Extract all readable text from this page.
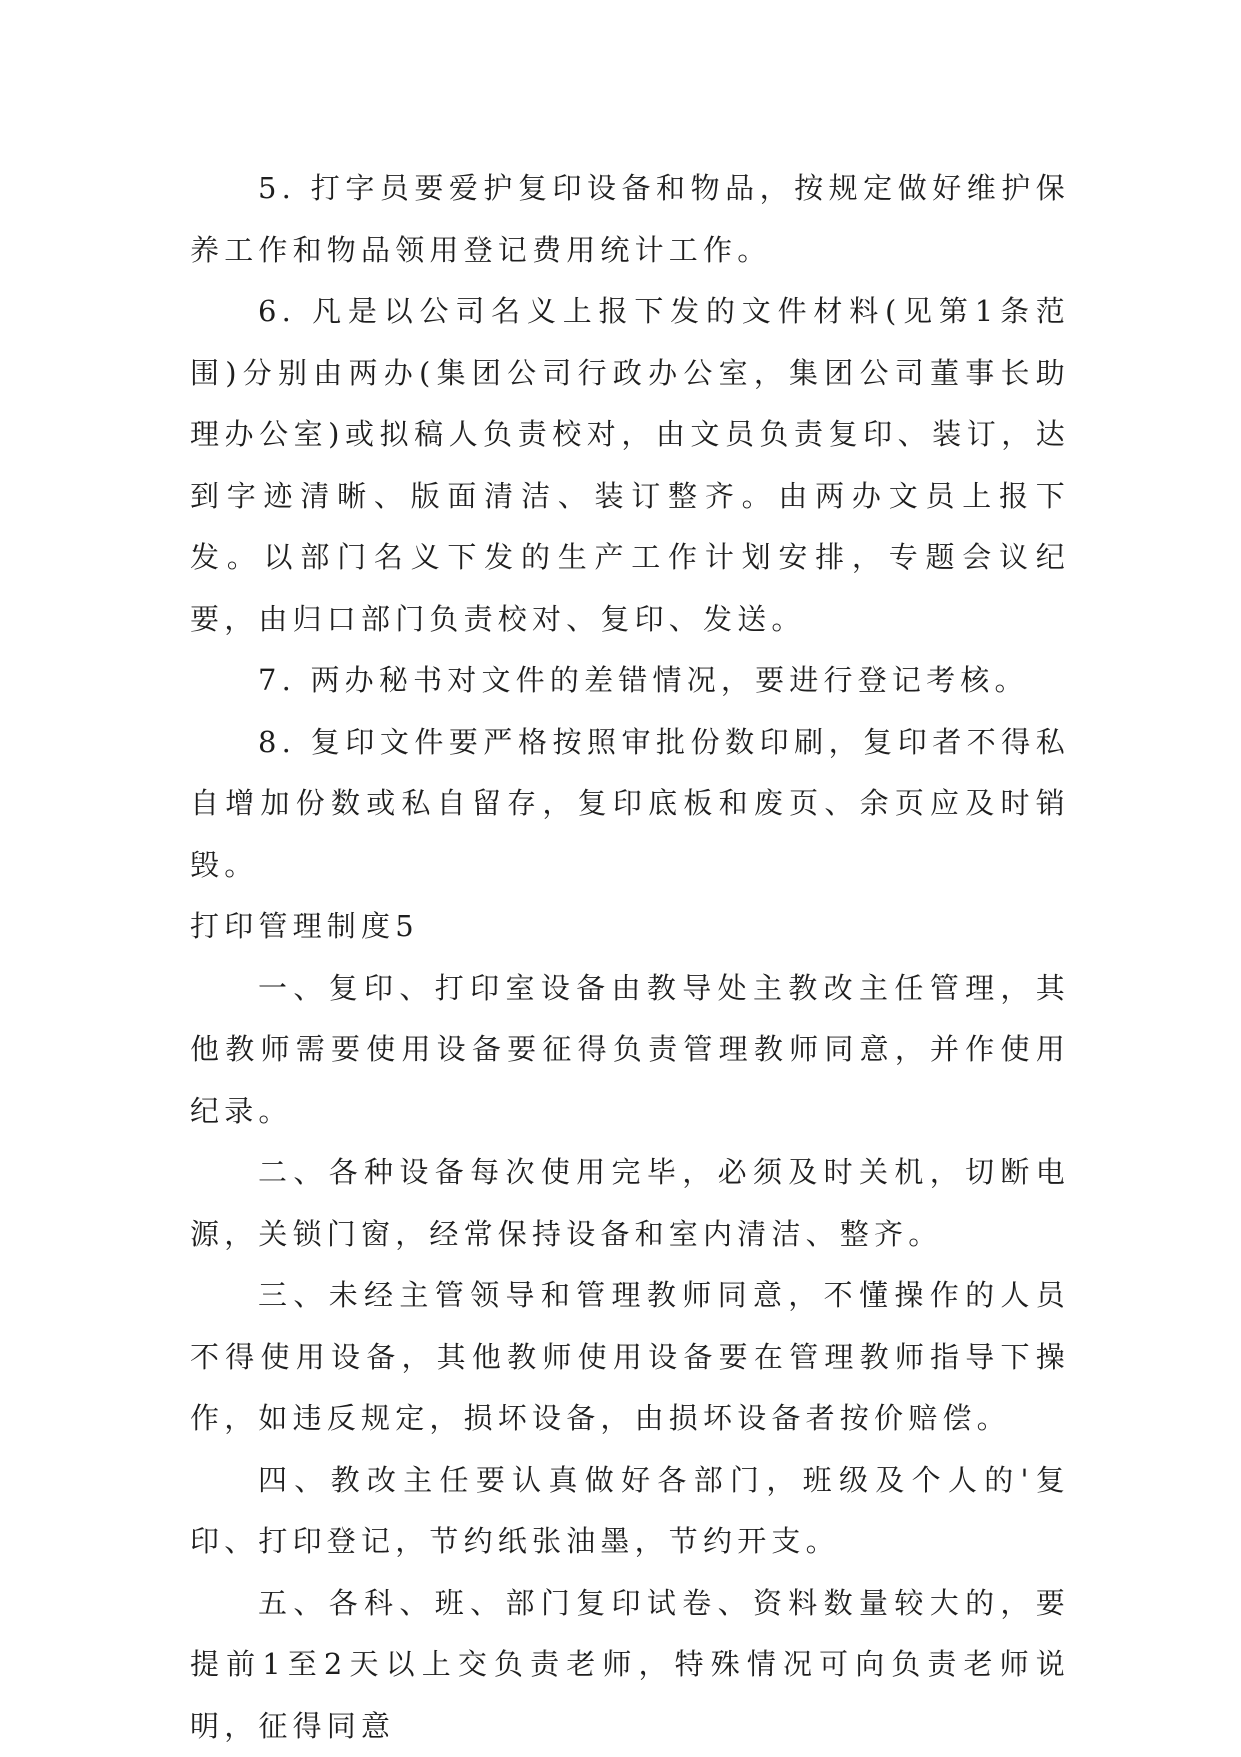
5. 打字员要爱护复印设备和物品，按规定做好维护保养工作和物品领用登记费用统计工作。

6. 凡是以公司名义上报下发的文件材料(见第1条范围)分别由两办(集团公司行政办公室，集团公司董事长助理办公室)或拟稿人负责校对，由文员负责复印、装订，达到字迹清晰、版面清洁、装订整齐。由两办文员上报下发。以部门名义下发的生产工作计划安排，专题会议纪要，由归口部门负责校对、复印、发送。

7. 两办秘书对文件的差错情况，要进行登记考核。

8. 复印文件要严格按照审批份数印刷，复印者不得私自增加份数或私自留存，复印底板和废页、余页应及时销毁。

打印管理制度5

一、复印、打印室设备由教导处主教改主任管理，其他教师需要使用设备要征得负责管理教师同意，并作使用纪录。

二、各种设备每次使用完毕，必须及时关机，切断电源，关锁门窗，经常保持设备和室内清洁、整齐。

三、未经主管领导和管理教师同意，不懂操作的人员不得使用设备，其他教师使用设备要在管理教师指导下操作，如违反规定，损坏设备，由损坏设备者按价赔偿。

四、教改主任要认真做好各部门，班级及个人的'复印、打印登记，节约纸张油墨，节约开支。

五、各科、班、部门复印试卷、资料数量较大的，要提前1至2天以上交负责老师，特殊情况可向负责老师说明，征得同意
